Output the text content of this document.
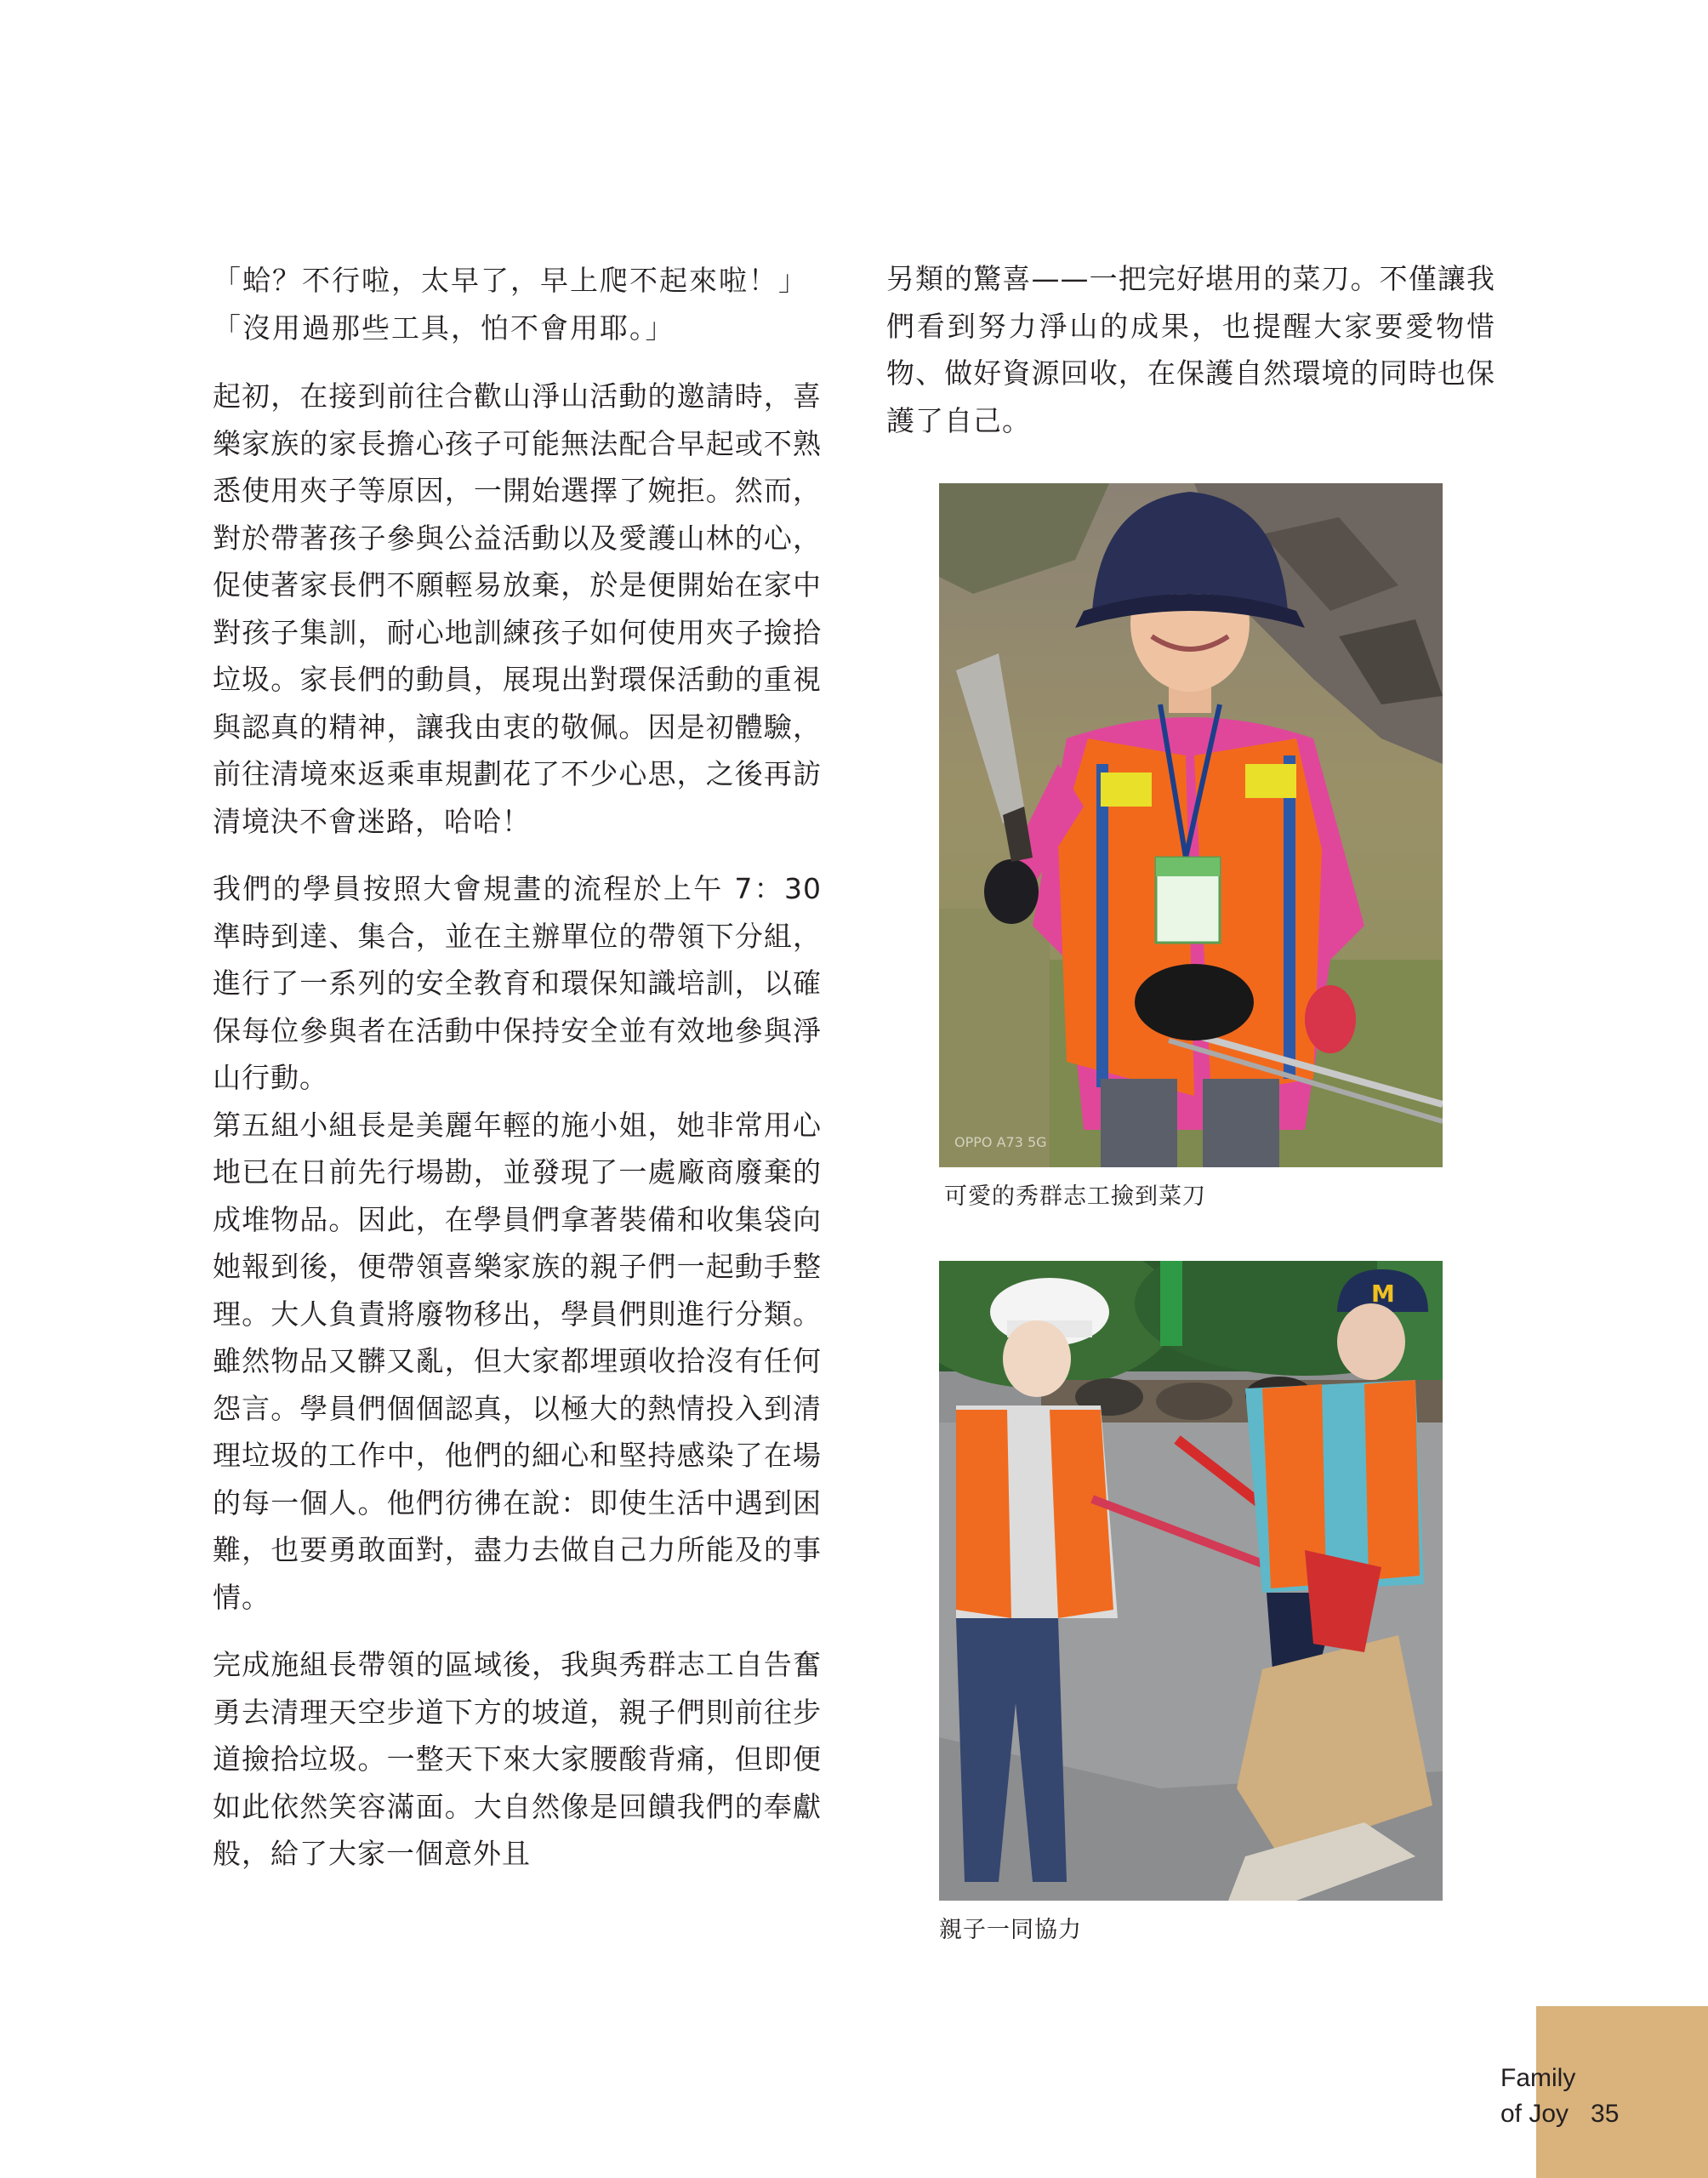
「蛤？不行啦，太早了，早上爬不起來啦！」
「沒用過那些工具，怕不會用耶。」

起初，在接到前往合歡山淨山活動的邀請時，喜樂家族的家長擔心孩子可能無法配合早起或不熟悉使用夾子等原因，一開始選擇了婉拒。然而，對於帶著孩子參與公益活動以及愛護山林的心，促使著家長們不願輕易放棄，於是便開始在家中對孩子集訓，耐心地訓練孩子如何使用夾子撿拾垃圾。家長們的動員，展現出對環保活動的重視與認真的精神，讓我由衷的敬佩。因是初體驗，前往清境來返乘車規劃花了不少心思，之後再訪清境決不會迷路，哈哈！

我們的學員按照大會規畫的流程於上午 7：30 準時到達、集合，並在主辦單位的帶領下分組，進行了一系列的安全教育和環保知識培訓，以確保每位參與者在活動中保持安全並有效地參與淨山行動。

第五組小組長是美麗年輕的施小姐，她非常用心地已在日前先行場勘，並發現了一處廠商廢棄的成堆物品。因此，在學員們拿著裝備和收集袋向她報到後，便帶領喜樂家族的親子們一起動手整理。大人負責將廢物移出，學員們則進行分類。雖然物品又髒又亂，但大家都埋頭收拾沒有任何怨言。學員們個個認真，以極大的熱情投入到清理垃圾的工作中，他們的細心和堅持感染了在場的每一個人。他們彷彿在說：即使生活中遇到困難，也要勇敢面對，盡力去做自己力所能及的事情。

完成施組長帶領的區域後，我與秀群志工自告奮勇去清理天空步道下方的坡道，親子們則前往步道撿拾垃圾。一整天下來大家腰酸背痛，但即便如此依然笑容滿面。大自然像是回饋我們的奉獻般，給了大家一個意外且

另類的驚喜——一把完好堪用的菜刀。不僅讓我們看到努力淨山的成果，也提醒大家要愛物惜物、做好資源回收，在保護自然環境的同時也保護了自己。

OPPO A73 5G
可愛的秀群志工撿到菜刀
M
親子一同協力
Family
of Joy 35
